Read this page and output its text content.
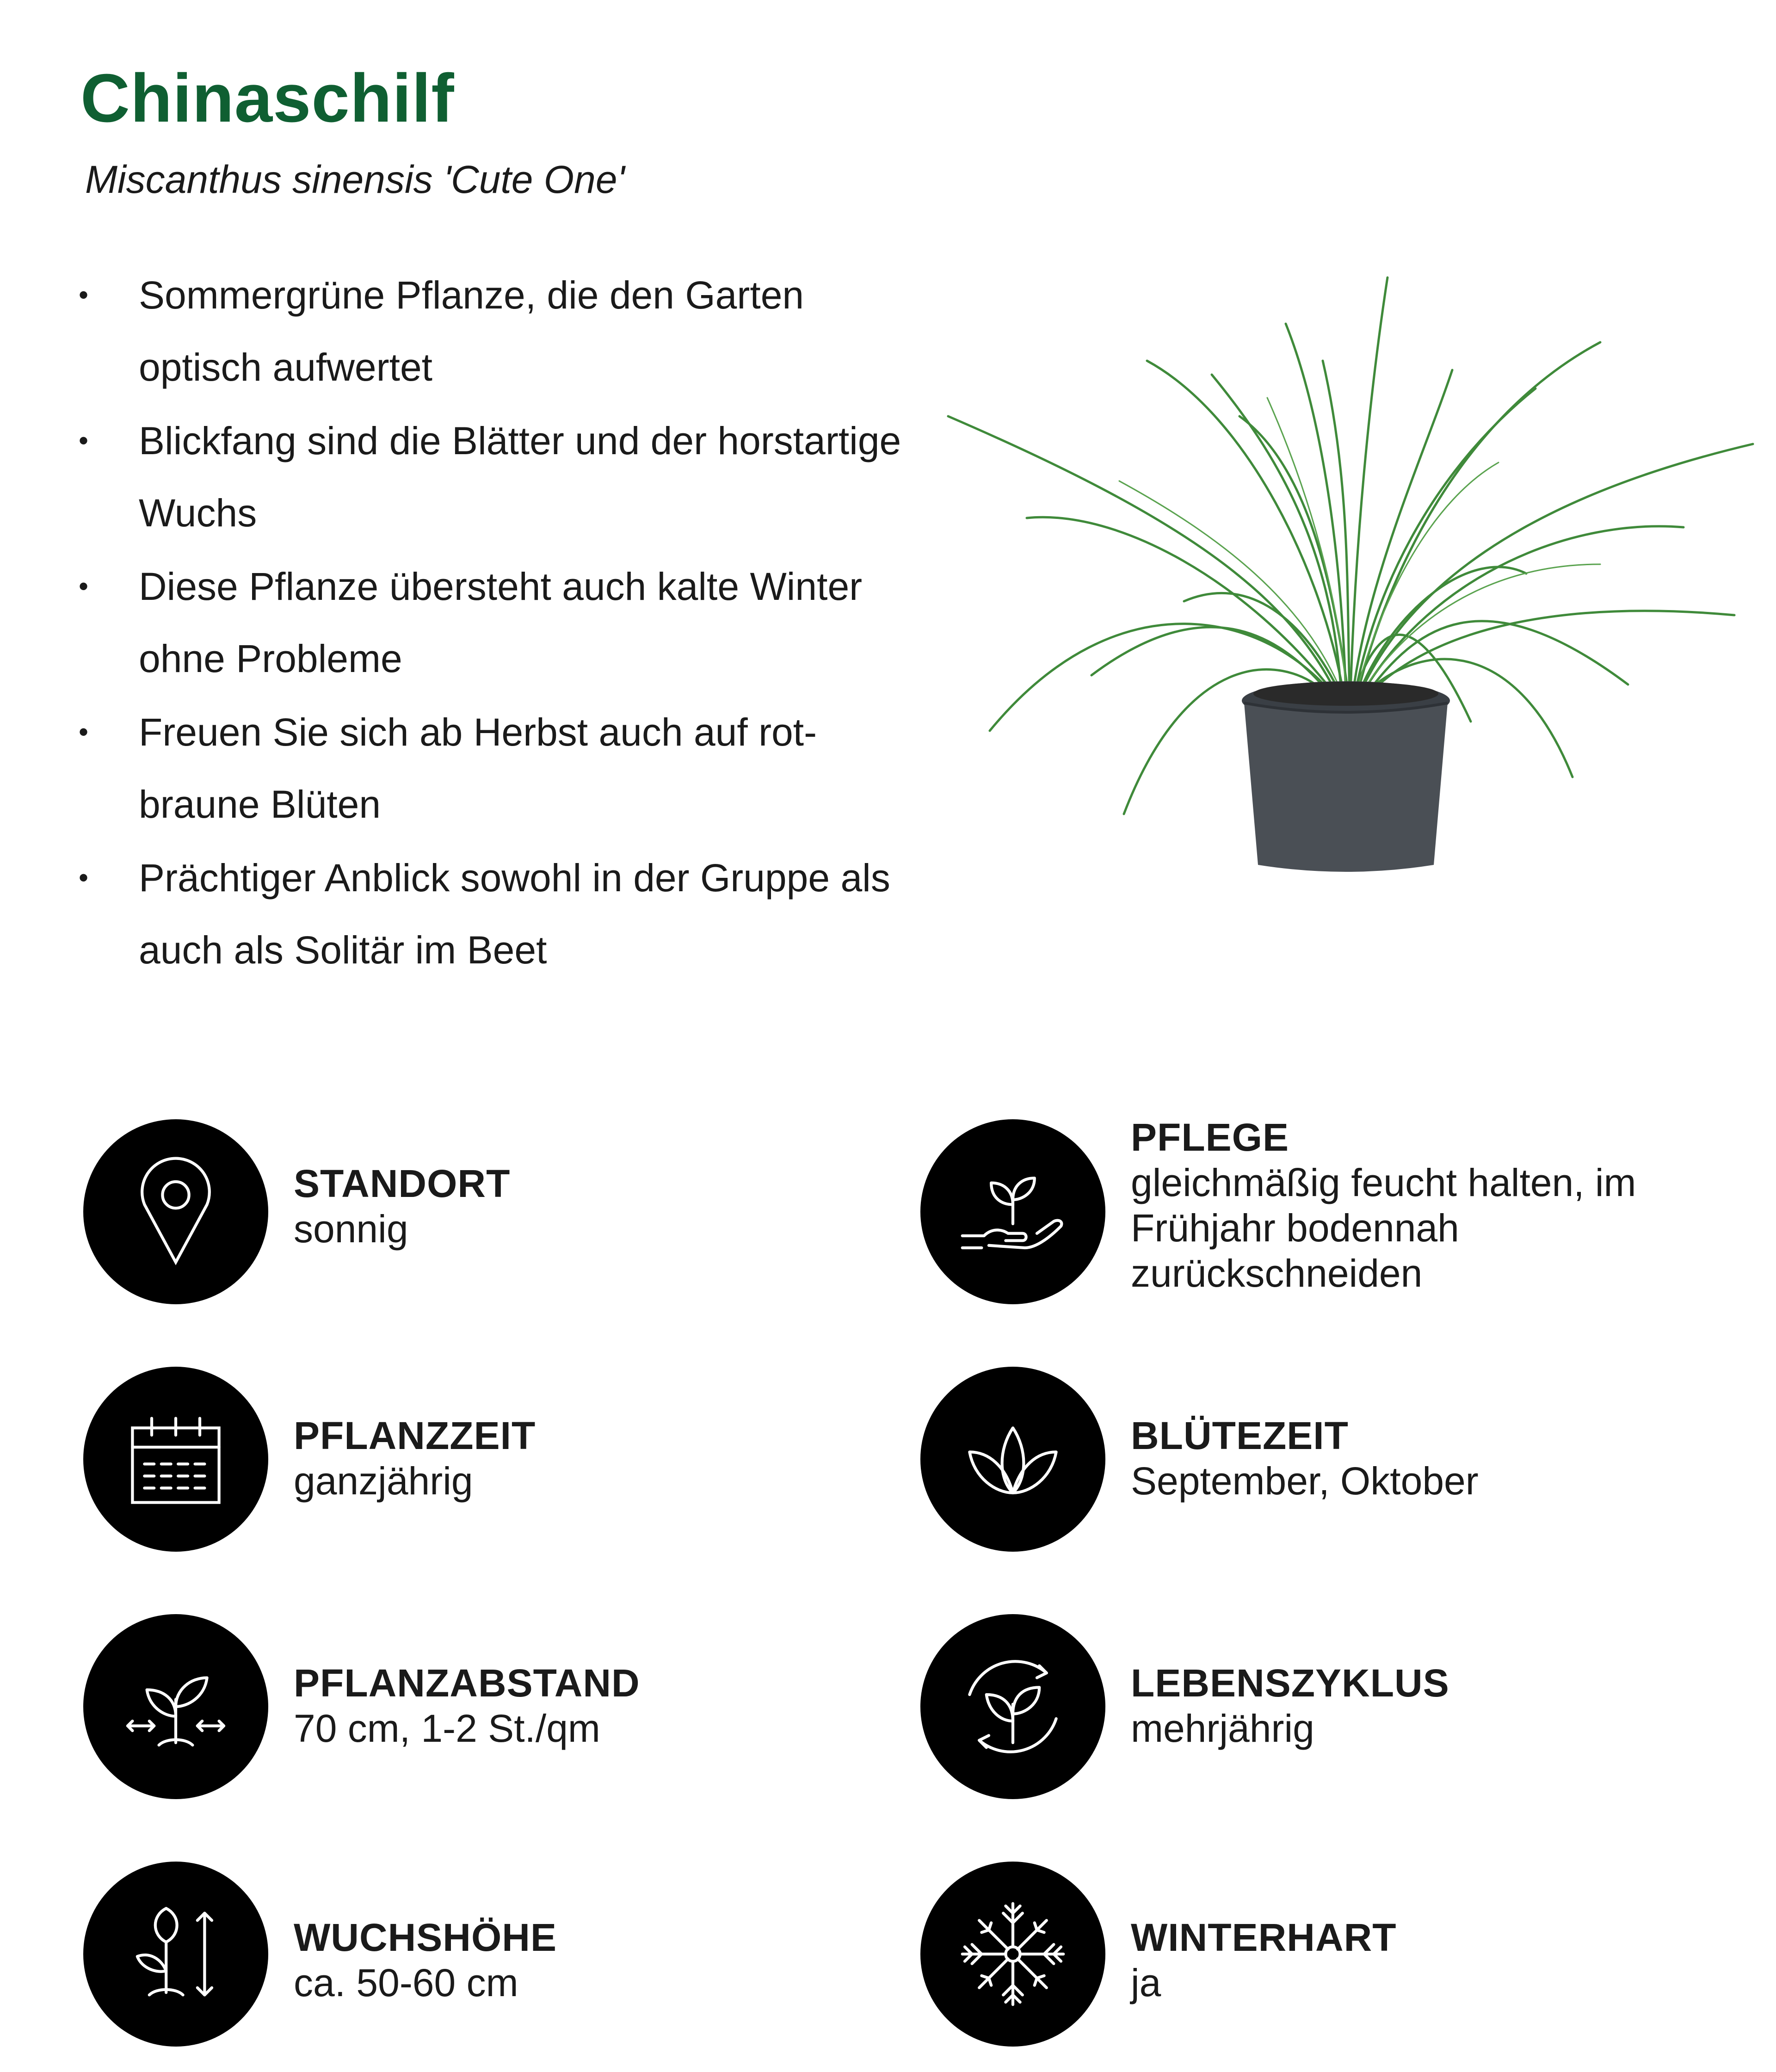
Chinaschilf

Miscanthus sinensis 'Cute One'

• Sommergrüne Pflanze, die den Garten optisch aufwertet
• Blickfang sind die Blätter und der horstartige Wuchs
• Diese Pflanze übersteht auch kalte Winter ohne Probleme
• Freuen Sie sich ab Herbst auch auf rot-braune Blüten
• Prächtiger Anblick sowohl in der Gruppe als auch als Solitär im Beet
STANDORT
sonnig
PFLEGE
gleichmäßig feucht halten, im Frühjahr bodennah zurückschneiden
PFLANZZEIT
ganzjährig
BLÜTEZEIT
September, Oktober
PFLANZABSTAND
70 cm, 1-2 St./qm
LEBENSZYKLUS
mehrjährig
WUCHSHÖHE
ca. 50-60 cm
WINTERHART
ja
